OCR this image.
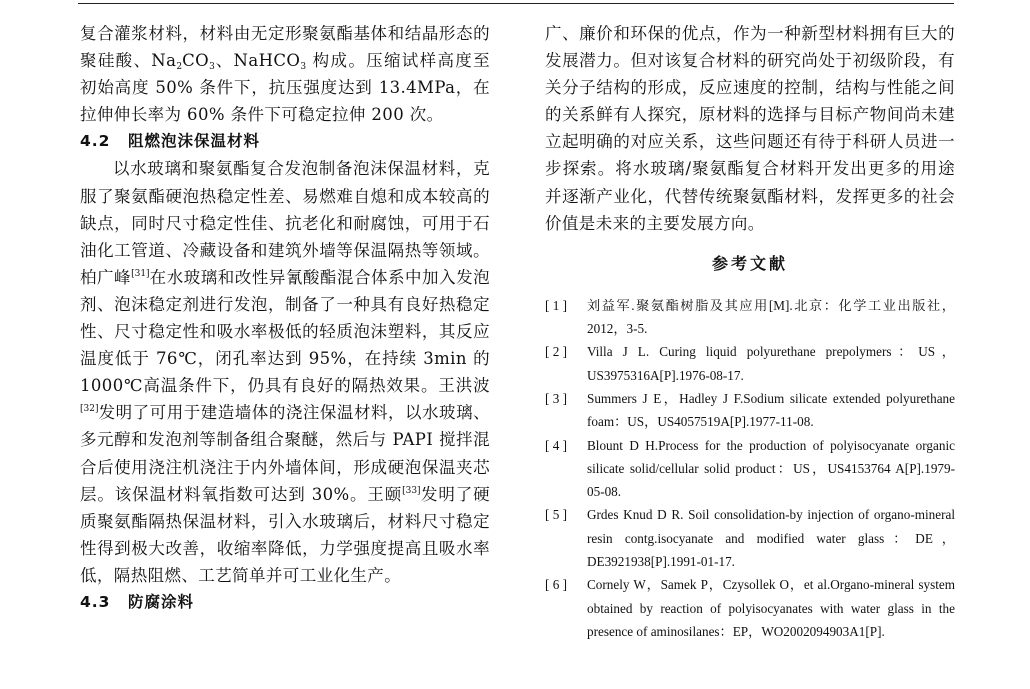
复合灌浆材料，材料由无定形聚氨酯基体和结晶形态的聚硅酸、$Na_2CO_3$、NaHCO$_3$ 构成。压缩试样高度至初始高度 50% 条件下，抗压强度达到 13.4MPa，在拉伸伸长率为 60% 条件下可稳定拉伸 200 次。

4.2 阻燃泡沫保温材料

以水玻璃和聚氨酯复合发泡制备泡沫保温材料，克服了聚氨酯硬泡热稳定性差、易燃难自熄和成本较高的缺点，同时尺寸稳定性佳、抗老化和耐腐蚀，可用于石油化工管道、冷藏设备和建筑外墙等保温隔热等领域。柏广峰[31]在水玻璃和改性异氰酸酯混合体系中加入发泡剂、泡沫稳定剂进行发泡，制备了一种具有良好热稳定性、尺寸稳定性和吸水率极低的轻质泡沫塑料，其反应温度低于 76℃，闭孔率达到 95%，在持续 3min 的 1000℃高温条件下，仍具有良好的隔热效果。王洪波[32]发明了可用于建造墙体的浇注保温材料，以水玻璃、多元醇和发泡剂等制备组合聚醚，然后与 PAPI 搅拌混合后使用浇注机浇注于内外墙体间，形成硬泡保温夹芯层。该保温材料氧指数可达到 30%。王颐[33]发明了硬质聚氨酯隔热保温材料，引入水玻璃后，材料尺寸稳定性得到极大改善，收缩率降低，力学强度提高且吸水率低，隔热阻燃、工艺简单并可工业化生产。

4.3 防腐涂料

广、廉价和环保的优点，作为一种新型材料拥有巨大的发展潜力。但对该复合材料的研究尚处于初级阶段，有关分子结构的形成，反应速度的控制，结构与性能之间的关系鲜有人探究，原材料的选择与目标产物间尚未建立起明确的对应关系，这些问题还有待于科研人员进一步探索。将水玻璃/聚氨酯复合材料开发出更多的用途并逐渐产业化，代替传统聚氨酯材料，发挥更多的社会价值是未来的主要发展方向。

参考文献
[ 1 ]	刘益军.聚氨酯树脂及其应用[M].北京：化学工业出版社，2012，3-5.
[ 2 ]	Villa J L. Curing liquid polyurethane prepolymers：US，US3975316A[P].1976-08-17.
[ 3 ]	Summers J E，Hadley J F.Sodium silicate extended polyurethane foam：US，US4057519A[P].1977-11-08.
[ 4 ]	Blount D H.Process for the production of polyisocyanate organic silicate solid/cellular solid product：US，US4153764 A[P].1979-05-08.
[ 5 ]	Grdes Knud D R. Soil consolidation-by injection of organo-mineral resin contg.isocyanate and modified water glass：DE，DE3921938[P].1991-01-17.
[ 6 ]	Cornely W，Samek P，Czysollek O，et al.Organo-mineral system obtained by reaction of polyisocyanates with water glass in the presence of aminosilanes：EP，WO2002094903A1[P].
